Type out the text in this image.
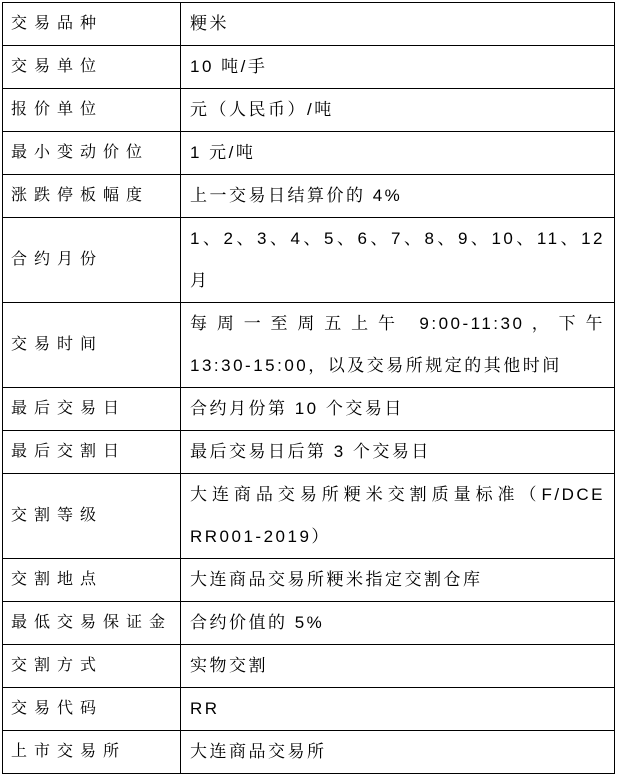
交易品种	粳米

交易单位	10 吨/手

报价单位	元（人民币）/吨

最小变动价位	1 元/吨

涨跌停板幅度	上一交易日结算价的 4%

合约月份	1、2、3、4、5、6、7、8、9、10、11、12 月

交易时间	每周一至周五上午 9:00-11:30，下午
13:30-15:00，以及交易所规定的其他时间

最后交易日	合约月份第 10 个交易日

最后交割日	最后交易日后第 3 个交易日

交割等级	大连商品交易所粳米交割质量标准（F/DCE
RR001-2019）

交割地点	大连商品交易所粳米指定交割仓库

最低交易保证金	合约价值的 5%

交割方式	实物交割

交易代码	RR

上市交易所	大连商品交易所
